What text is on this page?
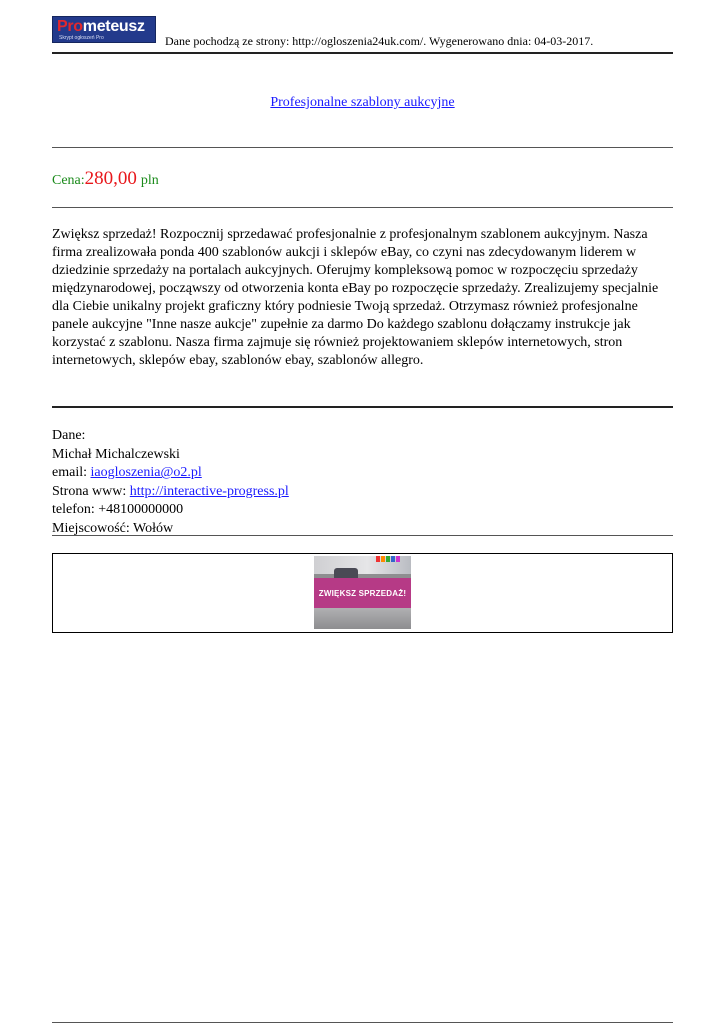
Prometeusz
Skrypt ogłoszeń Pro	Dane pochodzą ze strony: http://ogloszenia24uk.com/. Wygenerowano dnia: 04-03-2017.
Profesjonalne szablony aukcyjne
Cena:280,00 pln
Zwiększ sprzedaż! Rozpocznij sprzedawać profesjonalnie z profesjonalnym szablonem aukcyjnym. Nasza firma zrealizowała ponda 400 szablonów aukcji i sklepów eBay, co czyni nas zdecydowanym liderem w dziedzinie sprzedaży na portalach aukcyjnych. Oferujmy kompleksową pomoc w rozpoczęciu sprzedaży międzynarodowej, począwszy od otworzenia konta eBay po rozpoczęcie sprzedaży. Zrealizujemy specjalnie dla Ciebie unikalny projekt graficzny który podniesie Twoją sprzedaż. Otrzymasz również profesjonalne panele aukcyjne "Inne nasze aukcje" zupełnie za darmo Do każdego szablonu dołączamy instrukcje jak korzystać z szablonu. Nasza firma zajmuje się również projektowaniem sklepów internetowych, stron internetowych, sklepów ebay, szablonów ebay, szablonów allegro.
Dane:
Michał Michalczewski
email: iaogloszenia@o2.pl
Strona www: http://interactive-progress.pl
telefon: +48100000000
Miejscowość: Wołów
ZWIĘKSZ SPRZEDAŻ!
